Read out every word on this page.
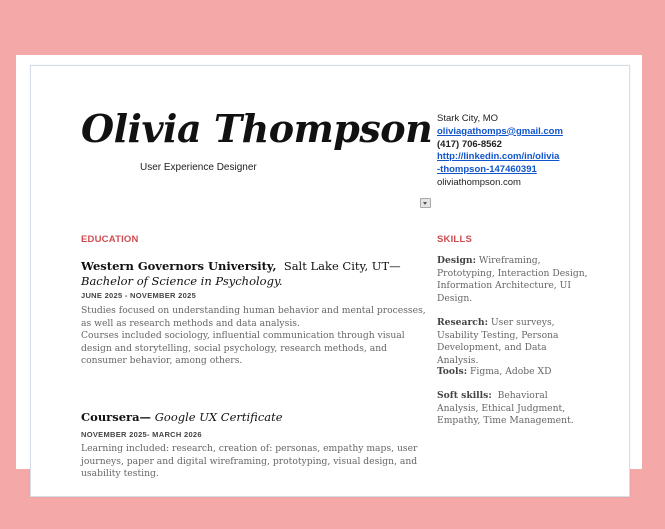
Olivia Thompson
User Experience Designer
Stark City, MO
oliviagathomps@gmail.com
(417) 706-8562
http://linkedin.com/in/olivia
-thompson-147460391
oliviathompson.com
EDUCATION
Western Governors University, Salt Lake City, UT— Bachelor of Science in Psychology.
JUNE 2025 - NOVEMBER 2025
Studies focused on understanding human behavior and mental processes, as well as research methods and data analysis.
Courses included sociology, influential communication through visual design and storytelling, social psychology, research methods, and consumer behavior, among others.
Coursera— Google UX Certificate
NOVEMBER 2025- MARCH 2026
Learning included: research, creation of: personas, empathy maps, user journeys, paper and digital wireframing, prototyping, visual design, and usability testing.
SKILLS
Design: Wireframing, Prototyping, Interaction Design, Information Architecture, UI Design.
Research: User surveys, Usability Testing, Persona Development, and Data Analysis.
Tools: Figma, Adobe XD
Soft skills: Behavioral Analysis, Ethical Judgment, Empathy, Time Management.
